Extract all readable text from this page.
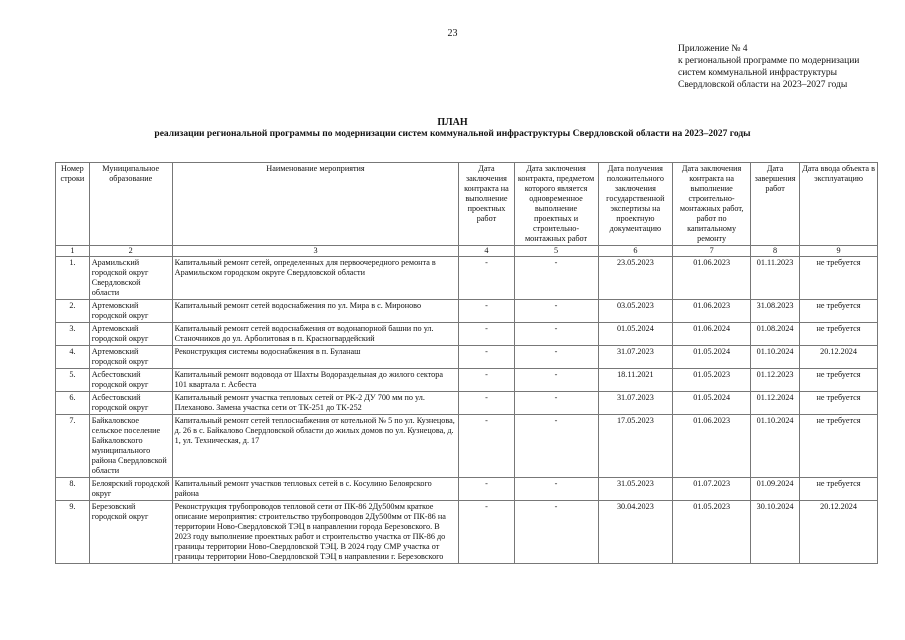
23
Приложение № 4
к региональной программе по модернизации
систем коммунальной инфраструктуры
Свердловской области на 2023–2027 годы
ПЛАН
реализации региональной программы по модернизации систем коммунальной инфраструктуры Свердловской области на 2023–2027 годы
Номер строки	Муниципальное образование	Наименование мероприятия	Дата заключения контракта на выполнение проектных работ	Дата заключения контракта, предметом которого является одновременное выполнение проектных и строительно-монтажных работ	Дата получения положительного заключения государственной экспертизы на проектную документацию	Дата заключения контракта на выполнение строительно-монтажных работ, работ по капитальному ремонту	Дата завершения работ	Дата ввода объекта в эксплуатацию
1	2	3	4	5	6	7	8	9
1.	Арамильский городской округ Свердловской области	Капитальный ремонт сетей, определенных для первоочередного ремонта в Арамильском городском округе Свердловской области	-	-	23.05.2023	01.06.2023	01.11.2023	не требуется
2.	Артемовский городской округ	Капитальный ремонт сетей водоснабжения по ул. Мира в с. Мироново	-	-	03.05.2023	01.06.2023	31.08.2023	не требуется
3.	Артемовский городской округ	Капитальный ремонт сетей водоснабжения от водонапорной башни по ул. Станочников до ул. Арболитовая в п. Красногвардейский	-	-	01.05.2024	01.06.2024	01.08.2024	не требуется
4.	Артемовский городской округ	Реконструкция системы водоснабжения в п. Буланаш	-	-	31.07.2023	01.05.2024	01.10.2024	20.12.2024
5.	Асбестовский городской округ	Капитальный ремонт водовода от Шахты Водораздельная до жилого сектора 101 квартала г. Асбеста	-	-	18.11.2021	01.05.2023	01.12.2023	не требуется
6.	Асбестовский городской округ	Капитальный ремонт участка тепловых сетей от РК-2 ДУ 700 мм по ул. Плеханово. Замена участка сети от ТК-251 до ТК-252	-	-	31.07.2023	01.05.2024	01.12.2024	не требуется
7.	Байкаловское сельское поселение Байкаловского муниципального района Свердловской области	Капитальный ремонт сетей теплоснабжения от котельной № 5 по ул. Кузнецова, д. 26 в с. Байкалово Свердловской области до жилых домов по ул. Кузнецова, д. 1, ул. Техническая, д. 17	-	-	17.05.2023	01.06.2023	01.10.2024	не требуется
8.	Белоярский городской округ	Капитальный ремонт участков тепловых сетей в с. Косулино Белоярского района	-	-	31.05.2023	01.07.2023	01.09.2024	не требуется
9.	Березовский городской округ	Реконструкция трубопроводов тепловой сети от ПК-86 2Ду500мм краткое описание мероприятия: строительство трубопроводов 2Ду500мм от ПК-86 на территории Ново-Свердловской ТЭЦ в направлении города Березовского. В 2023 году выполнение проектных работ и строительство участка от ПК-86 до границы территории Ново-Свердловской ТЭЦ. В 2024 году СМР участка от границы территории Ново-Свердловской ТЭЦ в направлении г. Березовского	-	-	30.04.2023	01.05.2023	30.10.2024	20.12.2024
